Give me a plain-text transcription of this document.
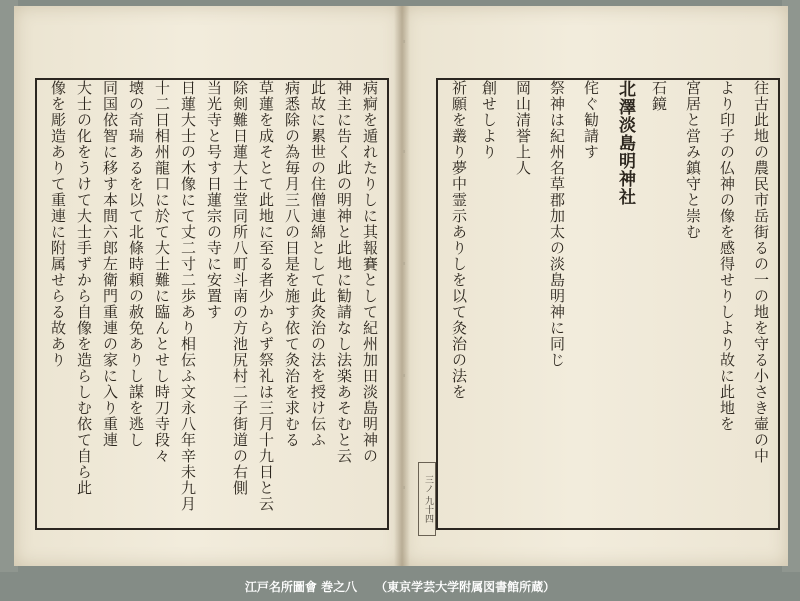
往古此地の農民市岳街るの一の地を守る小さき壷の中
より印子の仏神の像を感得せりしより故に此地を
宮居と営み鎮守と崇む
石鏡
北澤淡島明神社
侘ぐ勧請す
祭神は紀州名草郡加太の淡島明神に同じ
岡山清誉上人
創せしより
祈願を叢り夢中霊示ありしを以て灸治の法を
病痾を遁れたりしに其報賽として紀州加田淡島明神の
神主に告く此の明神と此地に勧請なし法楽あそむと云
此故に累世の住僧連綿として此灸治の法を授け伝ふ
病悉除の為毎月三八の日是を施す依て灸治を求むる
草蓮を成そとて此地に至る者少からず祭礼は三月十九日と云
除剣難日蓮大士堂同所八町斗南の方池尻村二子街道の右側
当光寺と号す日蓮宗の寺に安置す
日蓮大士の木像にて丈二寸二歩あり相伝ふ文永八年辛未九月
十二日相州龍口に於て大士難に臨んとせし時刀寺段々
壊の奇瑞あるを以て北條時頼の赦免ありし謀を逃し
同国依智に移す本間六郎左衛門重連の家に入り重連
大士の化をうけて大士手ずから自像を造らしむ依て自ら此
像を彫造ありて重連に附属せらる故あり
三ノ 九十四
江戸名所圖會 巻之八 （東京学芸大学附属図書館所蔵）
